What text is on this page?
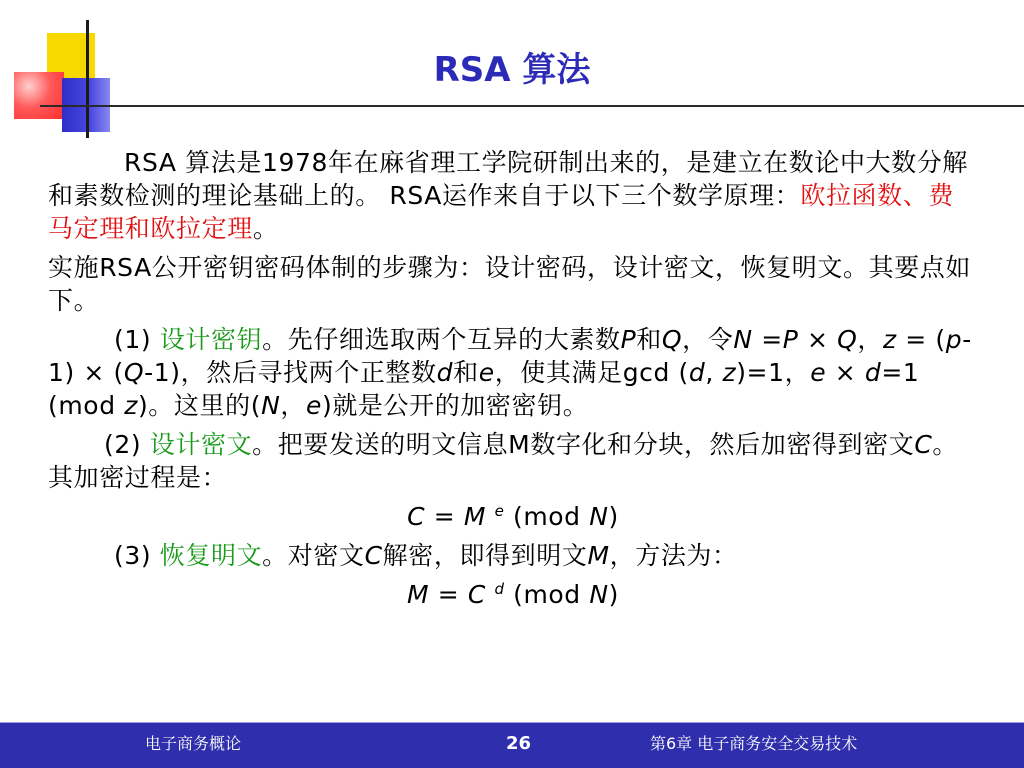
RSA 算法

RSA 算法是1978年在麻省理工学院研制出来的，是建立在数论中大数分解和素数检测的理论基础上的。 RSA运作来自于以下三个数学原理：欧拉函数、费马定理和欧拉定理。

实施RSA公开密钥密码体制的步骤为：设计密码，设计密文，恢复明文。其要点如下。

(1) 设计密钥。先仔细选取两个互异的大素数P和Q，令N =P × Q，z = (p-1) × (Q-1)，然后寻找两个正整数d和e，使其满足gcd (d, z)=1，e × d=1 (mod z)。这里的(N，e)就是公开的加密密钥。

(2) 设计密文。把要发送的明文信息M数字化和分块，然后加密得到密文C。其加密过程是：

C = M $^e$ (mod N)

(3) 恢复明文。对密文C解密，即得到明文M，方法为：

M = C $^d$ (mod N)

电子商务概论	26	第6章 电子商务安全交易技术
